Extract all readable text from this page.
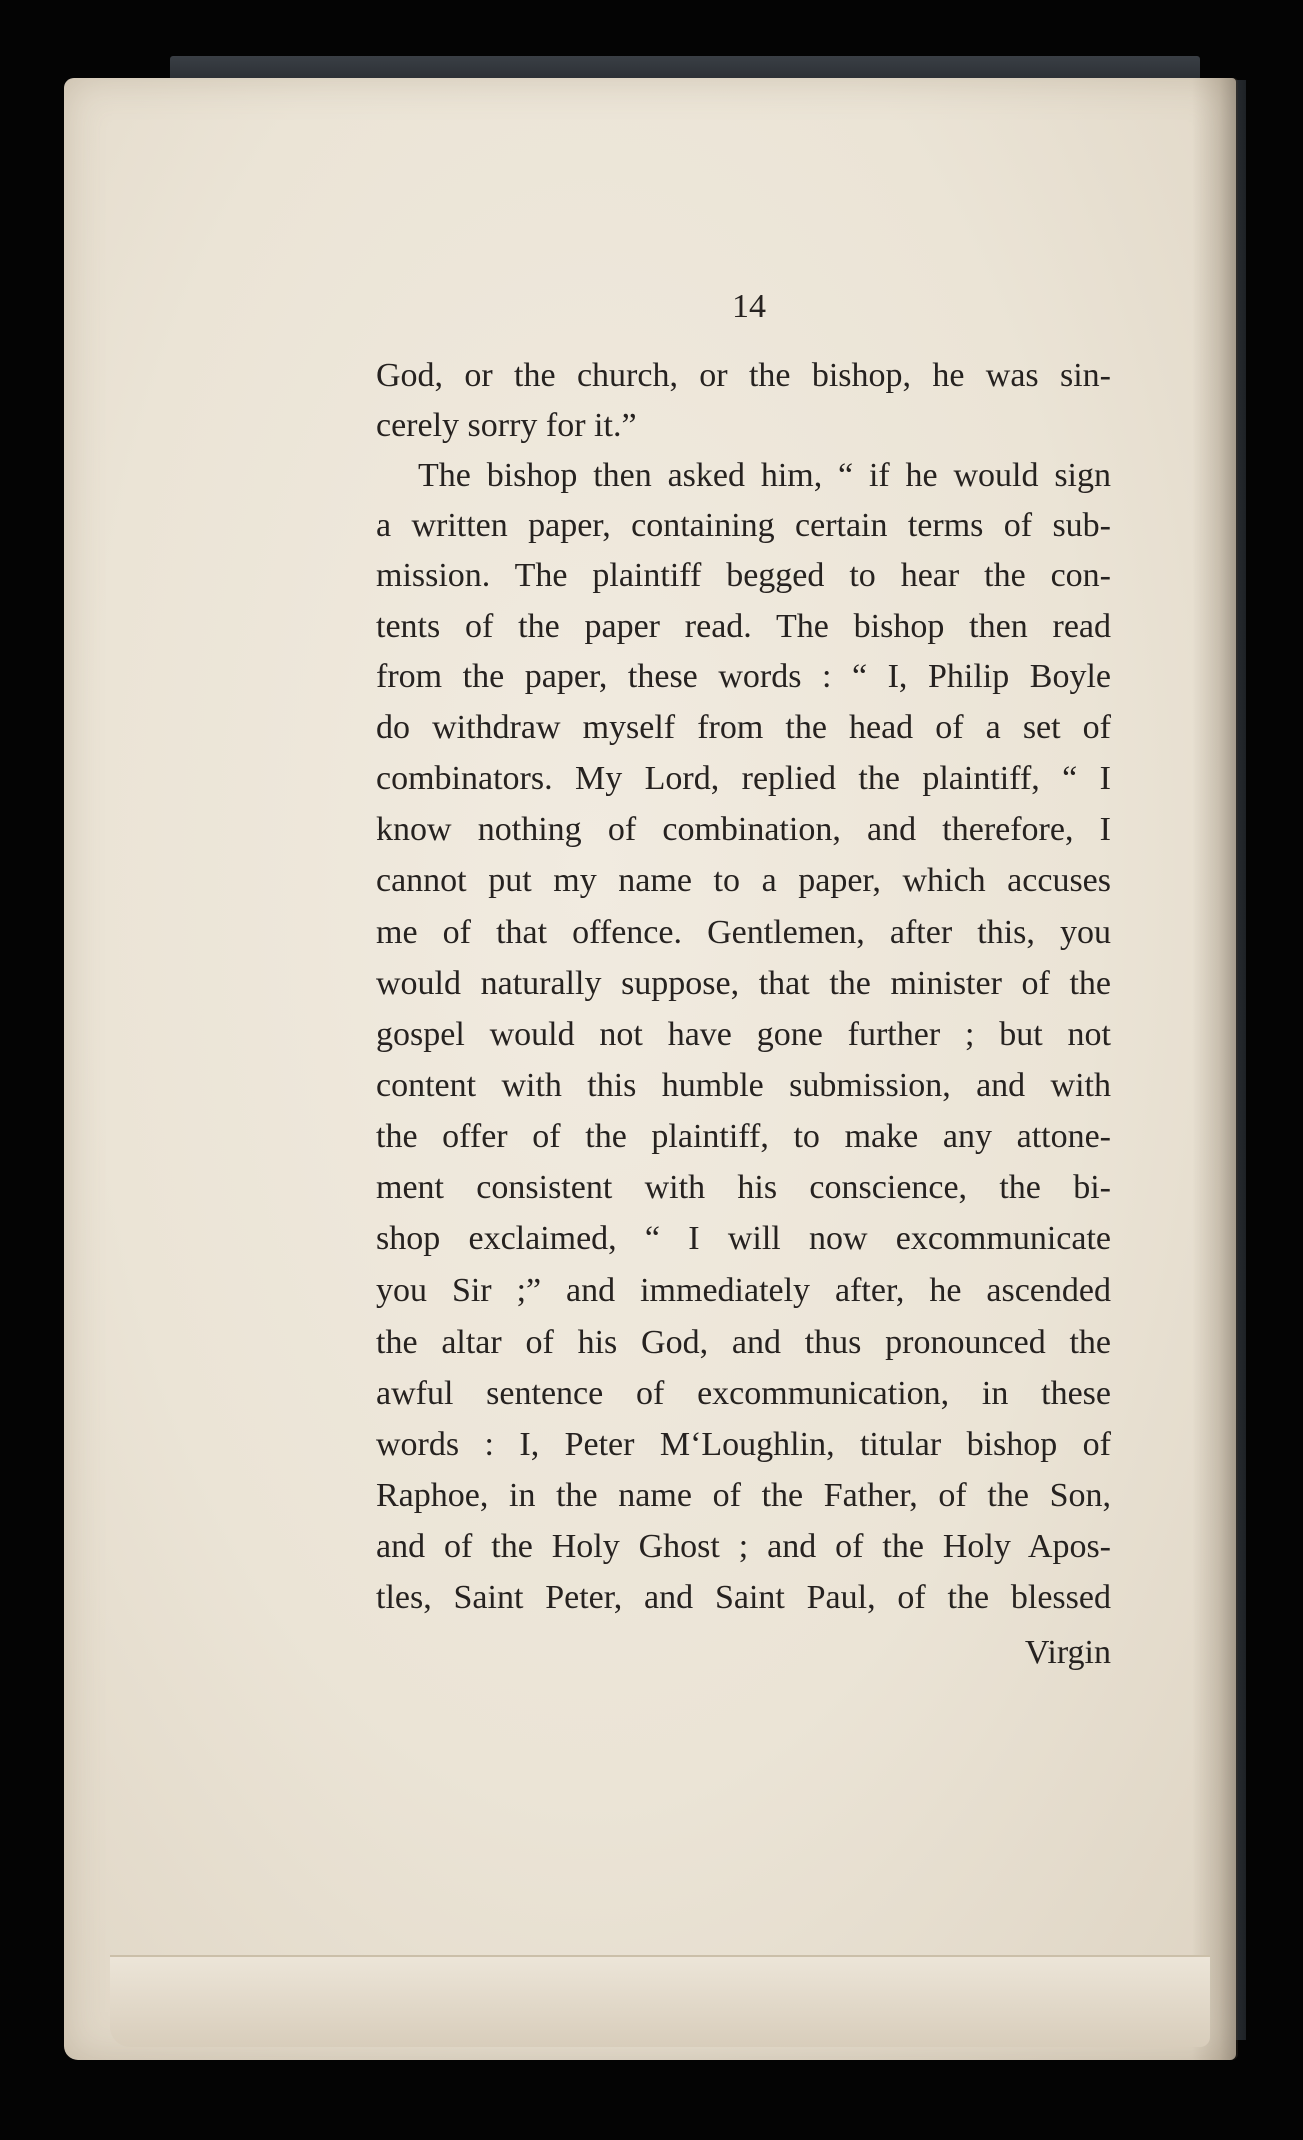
14
God, or the church, or the bishop, he was sin-
cerely sorry for it.”
The bishop then asked him, “ if he would sign
a written paper, containing certain terms of sub-
mission. The plaintiff begged to hear the con-
tents of the paper read. The bishop then read
from the paper, these words : “ I, Philip Boyle
do withdraw myself from the head of a set of
combinators. My Lord, replied the plaintiff, “ I
know nothing of combination, and therefore, I
cannot put my name to a paper, which accuses
me of that offence. Gentlemen, after this, you
would naturally suppose, that the minister of the
gospel would not have gone further ; but not
content with this humble submission, and with
the offer of the plaintiff, to make any attone-
ment consistent with his conscience, the bi-
shop exclaimed, “ I will now excommunicate
you Sir ;” and immediately after, he ascended
the altar of his God, and thus pronounced the
awful sentence of excommunication, in these
words : I, Peter M‘Loughlin, titular bishop of
Raphoe, in the name of the Father, of the Son,
and of the Holy Ghost ; and of the Holy Apos-
tles, Saint Peter, and Saint Paul, of the blessed
Virgin
